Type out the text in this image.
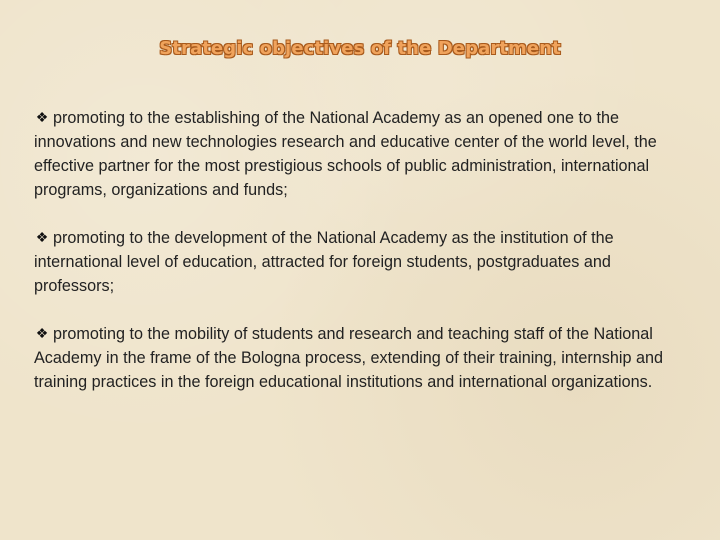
Strategic objectives of the Department
❖ promoting to the establishing of the National Academy as an opened one to the innovations and new technologies research and educative center of the world level, the effective partner for the most prestigious schools of public administration, international programs, organizations and funds;
❖ promoting to the development of the National Academy as the institution of the international level of education, attracted for foreign students, postgraduates and professors;
❖ promoting to the mobility of students and research and teaching staff of the National Academy in the frame of the Bologna process, extending of their training, internship and training practices in the foreign educational institutions and international organizations.
